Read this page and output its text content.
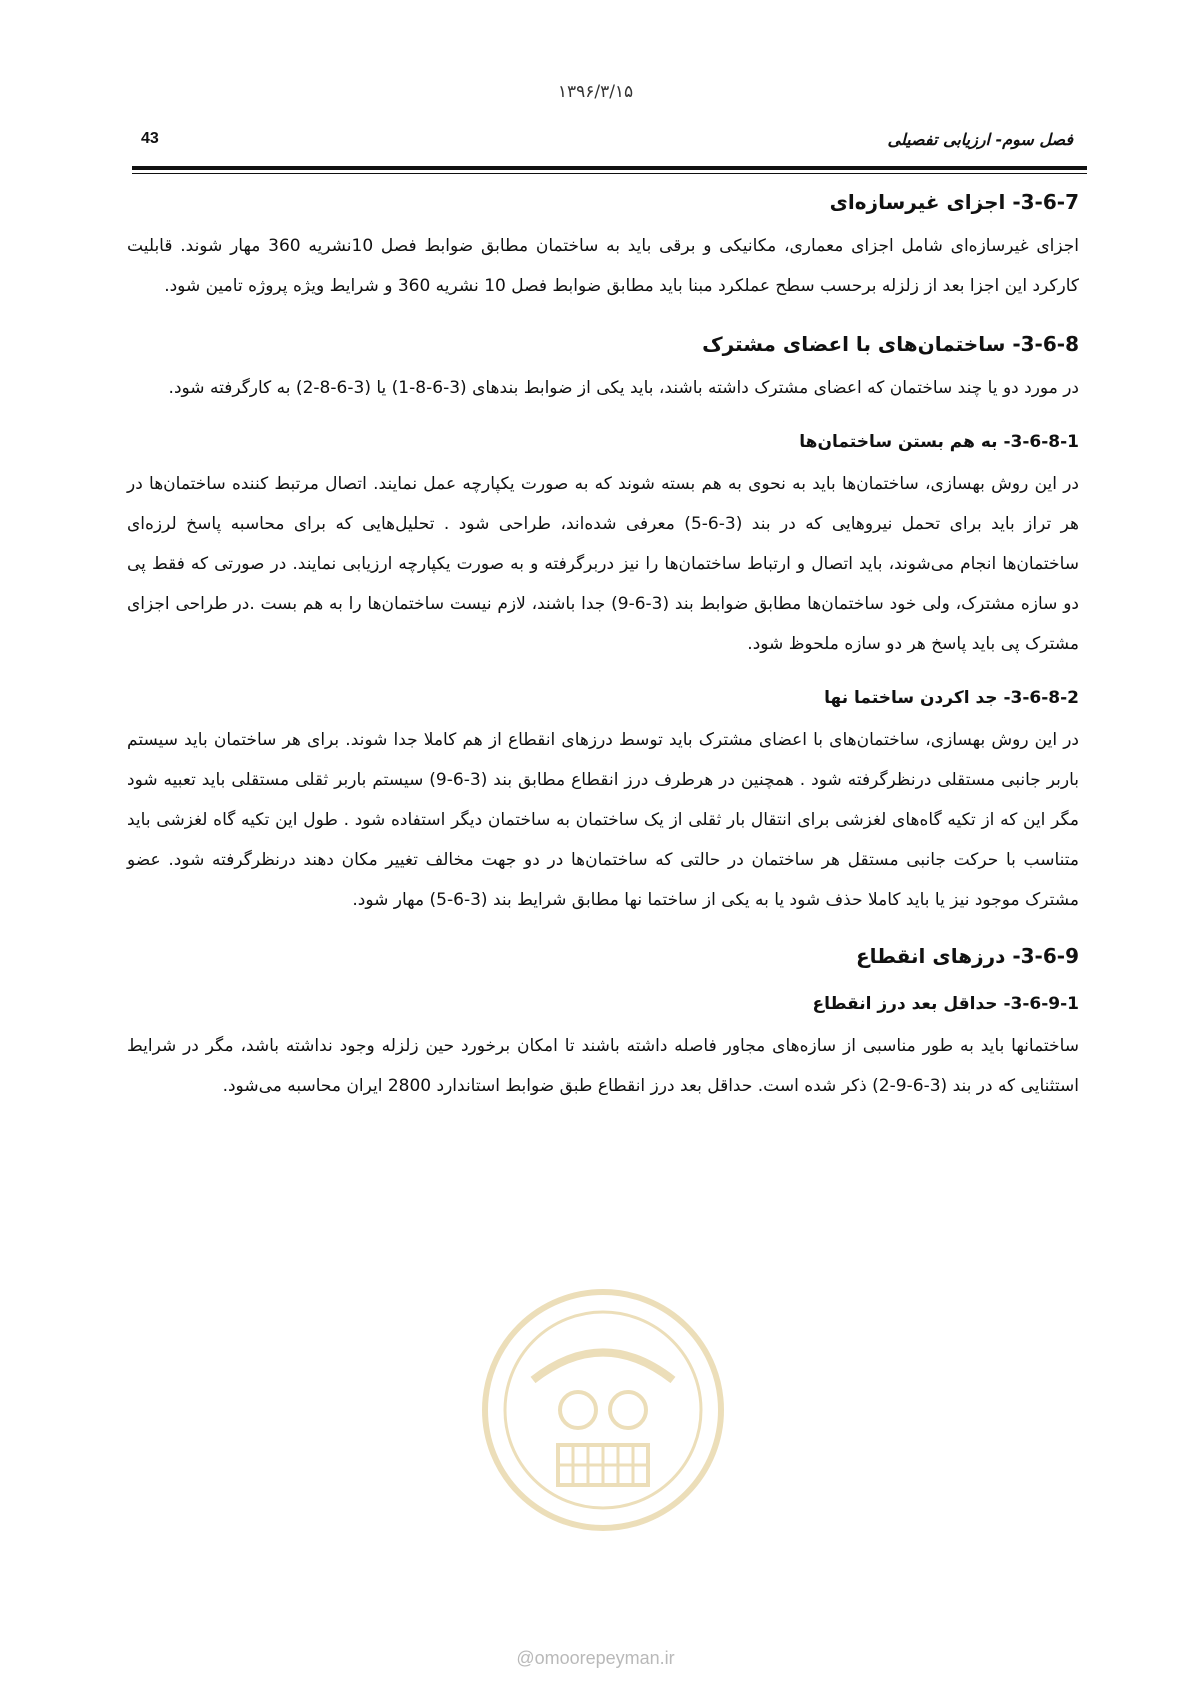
۱۳۹۶/۳/۱۵
43	فصل سوم- ارزیابی تفصیلی
3-6-7- اجزای غیرسازه‌ای

اجزای غیرسازه‌ای شامل اجزای معماری، مکانیکی و برقی باید به ساختمان مطابق ضوابط فصل 10نشریه 360 مهار شوند. قابلیت کارکرد این اجزا بعد از زلزله برحسب سطح عملکرد مبنا باید مطابق ضوابط فصل 10 نشریه 360 و شرایط ویژه پروژه تامین شود.

3-6-8- ساختمان‌های با اعضای مشترک

در مورد دو یا چند ساختمان که اعضای مشترک داشته باشند، باید یکی از ضوابط بندهای (3-6-8-1) یا (3-6-8-2) به کارگرفته شود.

3-6-8-1- به هم بستن ساختمان‌ها

در این روش بهسازی، ساختمان‌ها باید به نحوی به هم بسته شوند که به صورت یکپارچه عمل نمایند. اتصال مرتبط کننده ساختمان‌ها در هر تراز باید برای تحمل نیروهایی که در بند (3-6-5) معرفی شده‌اند، طراحی شود . تحلیل‌هایی که برای محاسبه پاسخ لرزه‌ای ساختمان‌ها انجام می‌شوند، باید اتصال و ارتباط ساختمان‌ها را نیز دربرگرفته و به صورت یکپارچه ارزیابی نمایند. در صورتی که فقط پی دو سازه مشترک، ولی خود ساختمان‌ها مطابق ضوابط بند (3-6-9) جدا باشند، لازم نیست ساختمان‌ها را به هم بست .در طراحی اجزای مشترک پی باید پاسخ هر دو سازه ملحوظ شود.

3-6-8-2- جد اکردن ساختما نها

در این روش بهسازی، ساختمان‌های با اعضای مشترک باید توسط درزهای انقطاع از هم کاملا جدا شوند. برای هر ساختمان باید سیستم باربر جانبی مستقلی درنظرگرفته شود . همچنین در هرطرف درز انقطاع مطابق بند (3-6-9) سیستم باربر ثقلی مستقلی باید تعبیه شود مگر این که از تکیه گاه‌های لغزشی برای انتقال بار ثقلی از یک ساختمان به ساختمان دیگر استفاده شود . طول این تکیه گاه لغزشی باید متناسب با حرکت جانبی مستقل هر ساختمان در حالتی که ساختمان‌ها در دو جهت مخالف تغییر مکان دهند درنظرگرفته شود. عضو مشترک موجود نیز یا باید کاملا حذف شود یا به یکی از ساختما نها مطابق شرایط بند (3-6-5) مهار شود.

3-6-9- درزهای انقطاع
3-6-9-1- حداقل بعد درز انقطاع

ساختمانها باید به طور مناسبی از سازه‌های مجاور فاصله داشته باشند تا امکان برخورد حین زلزله وجود نداشته باشد، مگر در شرایط استثنایی که در بند (3-6-9-2) ذکر شده است. حداقل بعد درز انقطاع طبق ضوابط استاندارد 2800 ایران محاسبه می‌شود.

@omoorepeyman.ir
